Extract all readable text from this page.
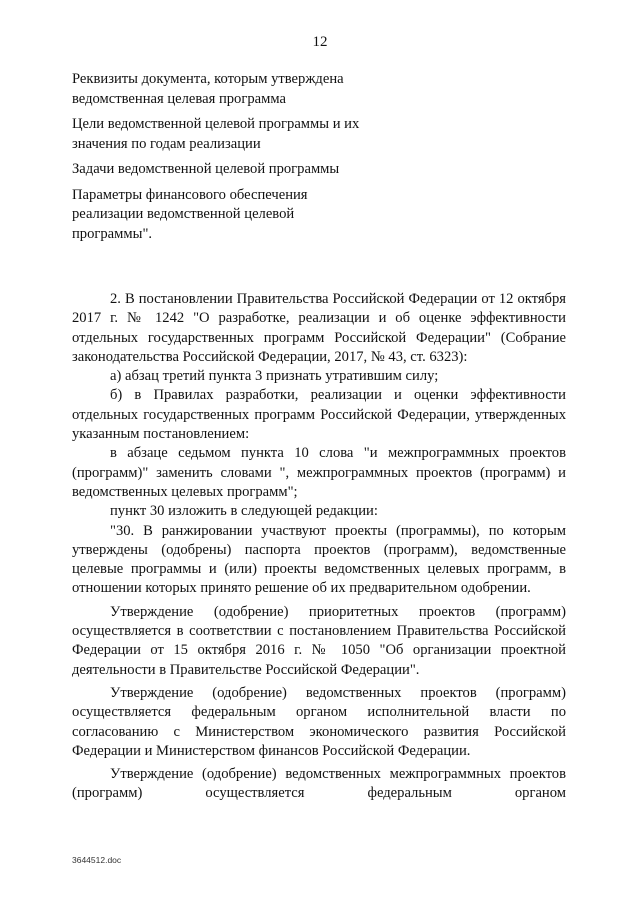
12

Реквизиты документа, которым утверждена ведомственная целевая программа

Цели ведомственной целевой программы и их значения по годам реализации

Задачи ведомственной целевой программы

Параметры финансового обеспечения реализации ведомственной целевой программы".

2. В постановлении Правительства Российской Федерации от 12 октября 2017 г. № 1242 "О разработке, реализации и об оценке эффективности отдельных государственных программ Российской Федерации" (Собрание законодательства Российской Федерации, 2017, № 43, ст. 6323):

а) абзац третий пункта 3 признать утратившим силу;

б) в Правилах разработки, реализации и оценки эффективности отдельных государственных программ Российской Федерации, утвержденных указанным постановлением:

в абзаце седьмом пункта 10 слова "и межпрограммных проектов (программ)" заменить словами ", межпрограммных проектов (программ) и ведомственных целевых программ";

пункт 30 изложить в следующей редакции:

"30. В ранжировании участвуют проекты (программы), по которым утверждены (одобрены) паспорта проектов (программ), ведомственные целевые программы и (или) проекты ведомственных целевых программ, в отношении которых принято решение об их предварительном одобрении.

Утверждение (одобрение) приоритетных проектов (программ) осуществляется в соответствии с постановлением Правительства Российской Федерации от 15 октября 2016 г. № 1050 "Об организации проектной деятельности в Правительстве Российской Федерации".

Утверждение (одобрение) ведомственных проектов (программ) осуществляется федеральным органом исполнительной власти по согласованию с Министерством экономического развития Российской Федерации и Министерством финансов Российской Федерации.

Утверждение (одобрение) ведомственных межпрограммных проектов (программ) осуществляется федеральным органом

3644512.doc
